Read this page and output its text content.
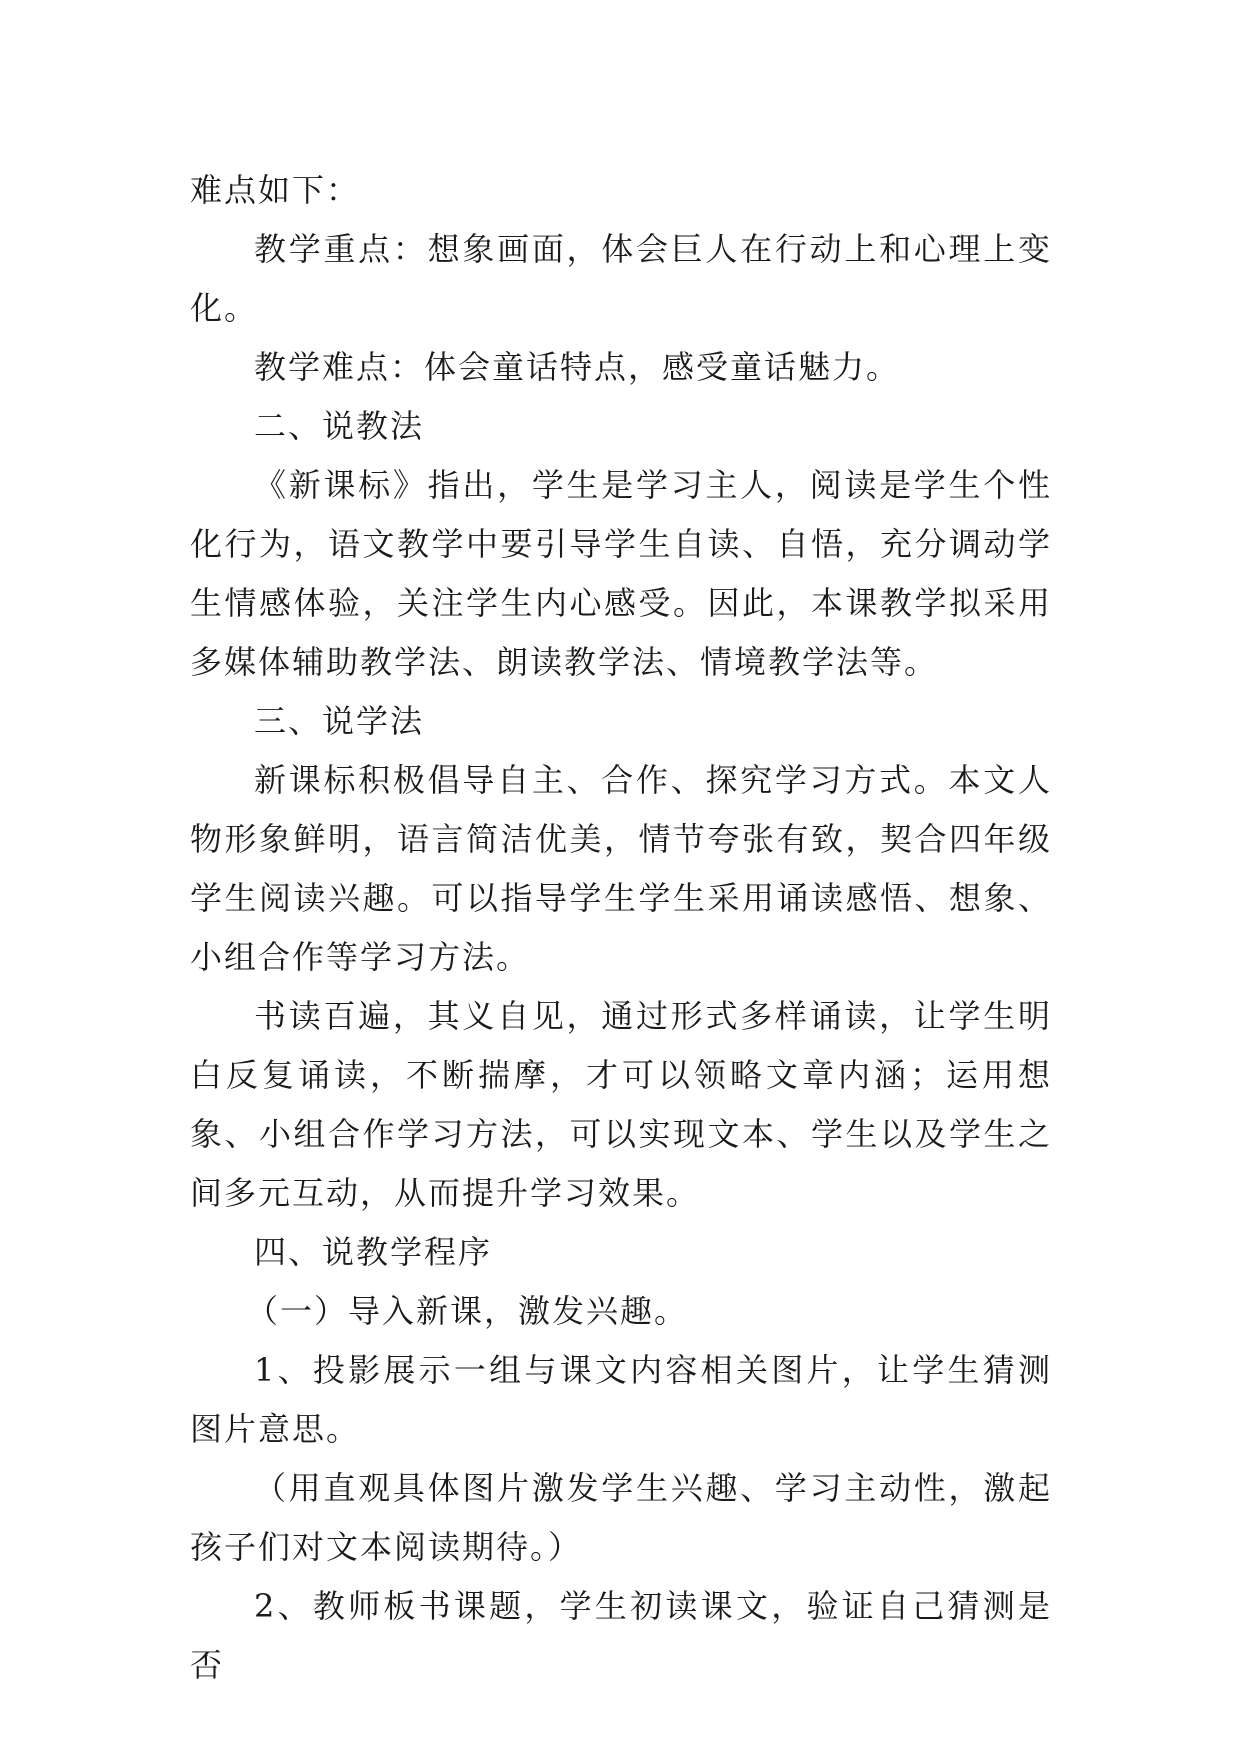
难点如下：

教学重点：想象画面，体会巨人在行动上和心理上变化。

教学难点：体会童话特点，感受童话魅力。

二、说教法

《新课标》指出，学生是学习主人，阅读是学生个性化行为，语文教学中要引导学生自读、自悟，充分调动学生情感体验，关注学生内心感受。因此，本课教学拟采用多媒体辅助教学法、朗读教学法、情境教学法等。

三、说学法

新课标积极倡导自主、合作、探究学习方式。本文人物形象鲜明，语言简洁优美，情节夸张有致，契合四年级学生阅读兴趣。可以指导学生学生采用诵读感悟、想象、小组合作等学习方法。

书读百遍，其义自见，通过形式多样诵读，让学生明白反复诵读，不断揣摩，才可以领略文章内涵；运用想象、小组合作学习方法，可以实现文本、学生以及学生之间多元互动，从而提升学习效果。

四、说教学程序

（一）导入新课，激发兴趣。

1、投影展示一组与课文内容相关图片，让学生猜测图片意思。

（用直观具体图片激发学生兴趣、学习主动性，激起孩子们对文本阅读期待。）

2、教师板书课题，学生初读课文，验证自己猜测是否
